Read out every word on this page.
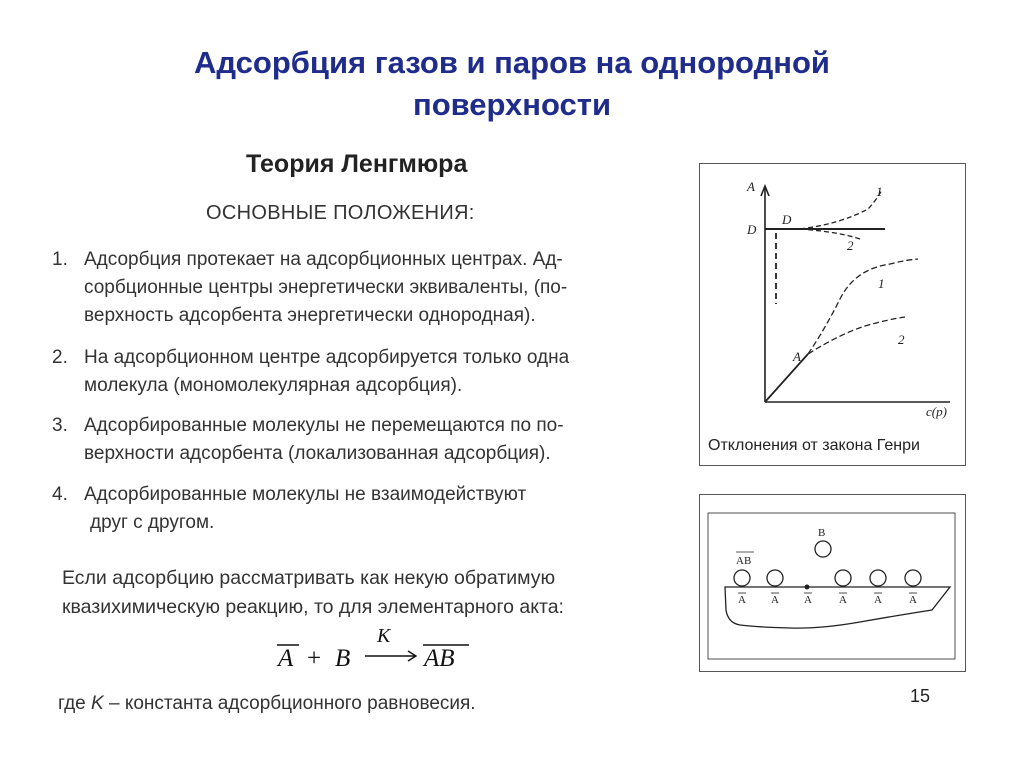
Адсорбция газов и паров на однородной
поверхности
Теория Ленгмюра
ОСНОВНЫЕ ПОЛОЖЕНИЯ:
1. Адсорбция протекает на адсорбционных центрах. Ад-
сорбционные центры энергетически эквиваленты, (по-
верхность адсорбента энергетически однородная).
2. На адсорбционном центре адсорбируется только одна
молекула (мономолекулярная адсорбция).
3. Адсорбированные молекулы не перемещаются по по-
верхности адсорбента (локализованная адсорбция).
4. Адсорбированные молекулы не взаимодействуют
друг с другом.
Если адсорбцию рассматривать как некую обратимую
квазихимическую реакцию, то для элементарного акта:
A + B
K
AB
где K – константа адсорбционного равновесия.	15
A
D
D
1
2
1
2
A
c(p)
Отклонения от закона Генри
B
AB
A A A A A A
